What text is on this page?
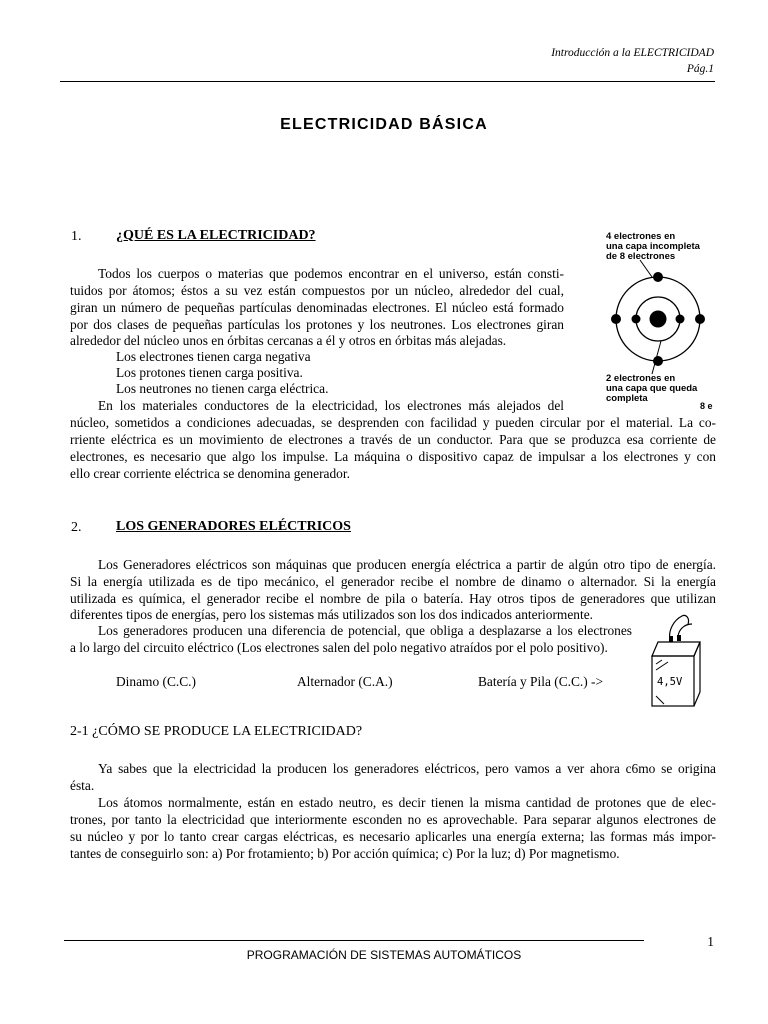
Introducción a la ELECTRICIDAD
Pág.1
ELECTRICIDAD BÁSICA
1. ¿QUÉ ES LA ELECTRICIDAD?
Todos los cuerpos o materias que podemos encontrar en el universo, están consti-
tuidos por átomos; éstos a su vez están compuestos por un núcleo, alrededor del cual,
giran un número de pequeñas partículas denominadas electrones. El núcleo está formado
por dos clases de pequeñas partículas los protones y los neutrones. Los electrones giran
alrededor del núcleo unos en órbitas cercanas a él y otros en órbitas más alejadas.
Los electrones tienen carga negativa
Los protones tienen carga positiva.
Los neutrones no tienen carga eléctrica.
En los materiales conductores de la electricidad, los electrones más alejados del
núcleo, sometidos a condiciones adecuadas, se desprenden con facilidad y pueden circular por el material. La co-
rriente eléctrica es un movimiento de electrones a través de un conductor. Para que se produzca esa corriente de
electrones, es necesario que algo los impulse. La máquina o dispositivo capaz de impulsar a los electrones y con
ello crear corriente eléctrica se denomina generador.
4 electrones en
una capa incompleta
de 8 electrones
2 electrones en
una capa que queda
completa
8 e
2. LOS GENERADORES ELÉCTRICOS
Los Generadores eléctricos son máquinas que producen energía eléctrica a partir de algún otro tipo de energía.
Si la energía utilizada es de tipo mecánico, el generador recibe el nombre de dinamo o alternador. Si la energía
utilizada es química, el generador recibe el nombre de pila o batería. Hay otros tipos de generadores que utilizan
diferentes tipos de energías, pero los sistemas más utilizados son los dos indicados anteriormente.
Los generadores producen una diferencia de potencial, que obliga a desplazarse a los electrones
a lo largo del circuito eléctrico (Los electrones salen del polo negativo atraídos por el polo positivo).
Dinamo (C.C.)	Alternador (C.A.)	Batería y Pila (C.C.) ->	4,5V
2-1 ¿CÓMO SE PRODUCE LA ELECTRICIDAD?
Ya sabes que la electricidad la producen los generadores eléctricos, pero vamos a ver ahora c6mo se origina
ésta.
Los átomos normalmente, están en estado neutro, es decir tienen la misma cantidad de protones que de elec-
trones, por tanto la electricidad que interiormente esconden no es aprovechable. Para separar algunos electrones de
su núcleo y por lo tanto crear cargas eléctricas, es necesario aplicarles una energía externa; las formas más impor-
tantes de conseguirlo son: a) Por frotamiento; b) Por acción química; c) Por la luz; d) Por magnetismo.
1
PROGRAMACIÓN DE SISTEMAS AUTOMÁTICOS
